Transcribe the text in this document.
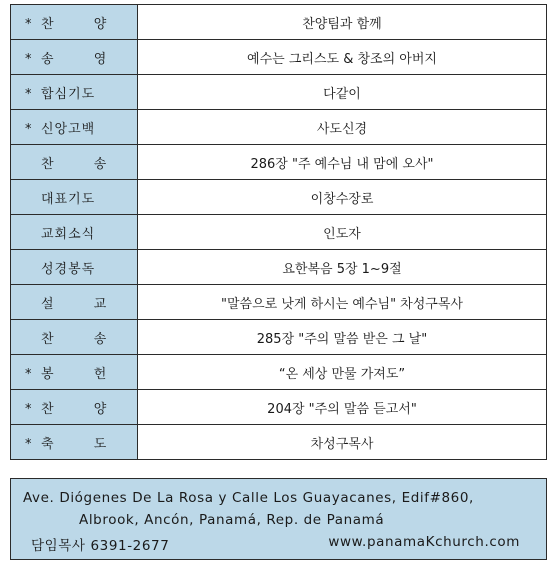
* 찬 양	찬양팀과 함께
* 송 영	예수는 그리스도 & 창조의 아버지
* 합심기도	다같이
* 신앙고백	사도신경
찬 송	286장 "주 예수님 내 맘에 오사"
대표기도	이창수장로
교회소식	인도자
성경봉독	요한복음 5장 1~9절
설 교	"말씀으로 낫게 하시는 예수님" 차성구목사
찬 송	285장 "주의 말씀 받은 그 날"
* 봉 헌	“온 세상 만물 가져도”
* 찬 양	204장 "주의 말씀 듣고서"
* 축 도	차성구목사
Ave. Diógenes De La Rosa y Calle Los Guayacanes, Edif#860,
Albrook, Ancón, Panamá, Rep. de Panamá
담임목사 6391-2677	www.panamaKchurch.com
